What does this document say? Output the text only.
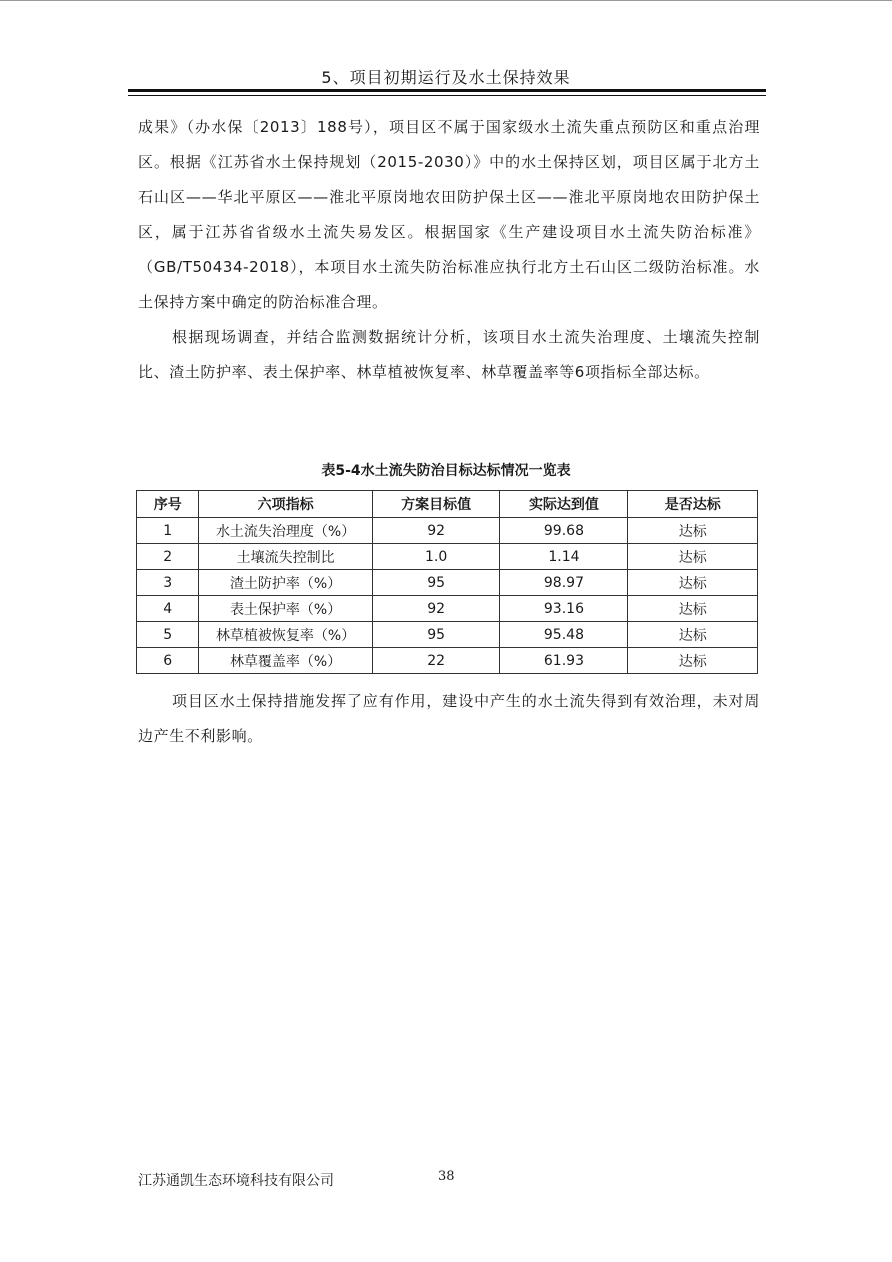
5、项目初期运行及水土保持效果

成果》（办水保〔2013〕188号），项目区不属于国家级水土流失重点预防区和重点治理区。根据《江苏省水土保持规划（2015-2030）》中的水土保持区划，项目区属于北方土石山区——华北平原区——淮北平原岗地农田防护保土区——淮北平原岗地农田防护保土区，属于江苏省省级水土流失易发区。根据国家《生产建设项目水土流失防治标准》（GB/T50434-2018），本项目水土流失防治标准应执行北方土石山区二级防治标准。水土保持方案中确定的防治标准合理。

根据现场调查，并结合监测数据统计分析，该项目水土流失治理度、土壤流失控制比、渣土防护率、表土保护率、林草植被恢复率、林草覆盖率等6项指标全部达标。

表5-4水土流失防治目标达标情况一览表
序号	六项指标	方案目标值	实际达到值	是否达标
1	水土流失治理度（%）	92	99.68	达标
2	土壤流失控制比	1.0	1.14	达标
3	渣土防护率（%）	95	98.97	达标
4	表土保护率（%）	92	93.16	达标
5	林草植被恢复率（%）	95	95.48	达标
6	林草覆盖率（%）	22	61.93	达标

项目区水土保持措施发挥了应有作用，建设中产生的水土流失得到有效治理，未对周边产生不利影响。

江苏通凯生态环境科技有限公司	38
